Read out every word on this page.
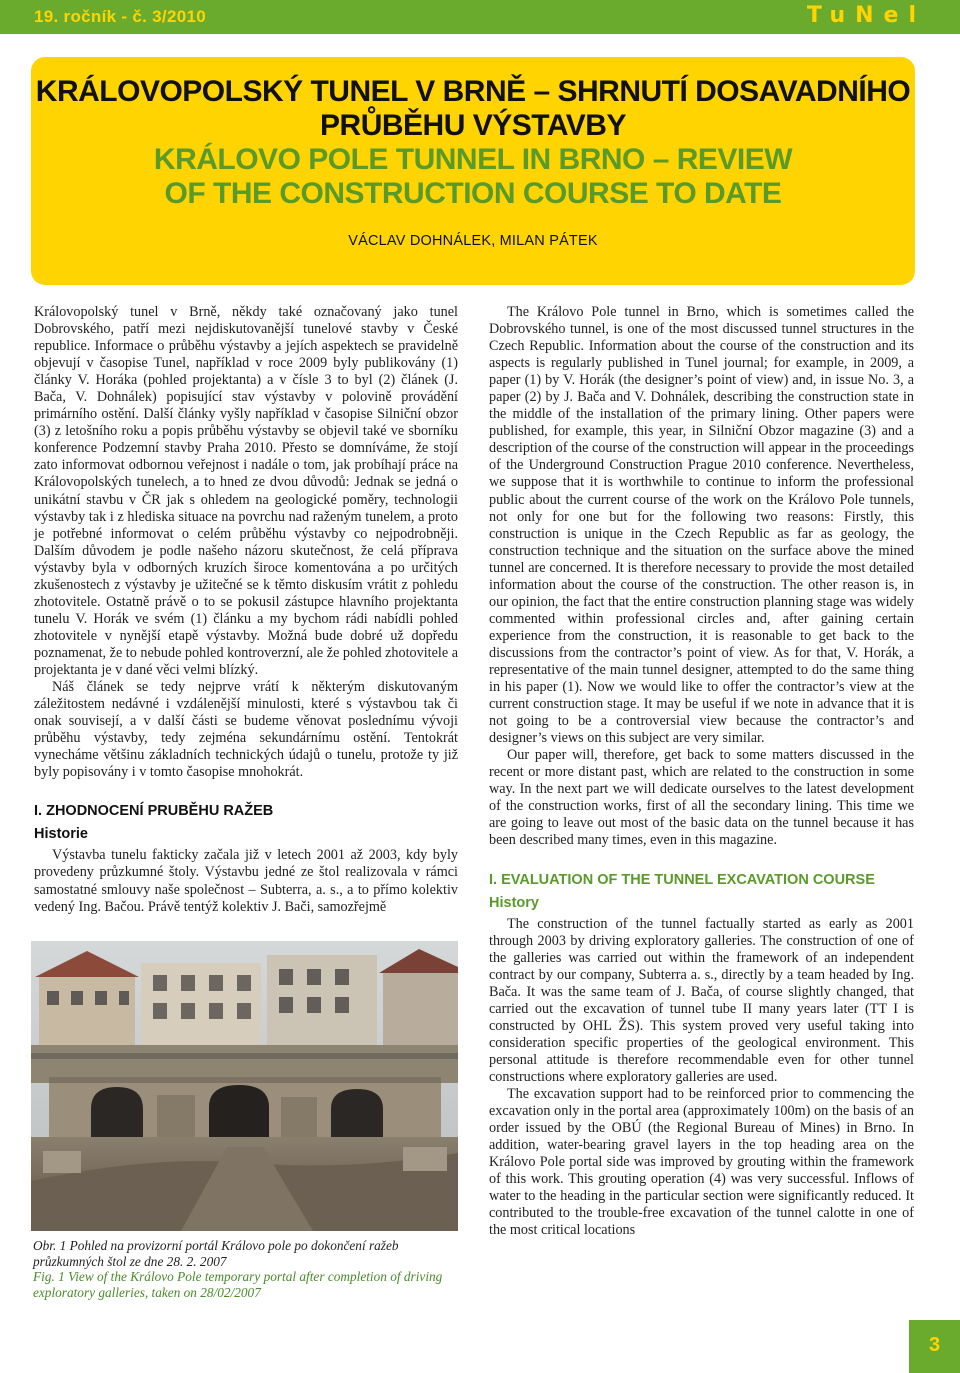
19. ročník - č. 3/2010	TuNel
KRÁLOVOPOLSKÝ TUNEL V BRNĚ – SHRNUTÍ DOSAVADNÍHO
PRŮBĚHU VÝSTAVBY
KRÁLOVO POLE TUNNEL IN BRNO – REVIEW
OF THE CONSTRUCTION COURSE TO DATE
VÁCLAV DOHNÁLEK, MILAN PÁTEK

Královopolský tunel v Brně, někdy také označovaný jako tunel Dobrovského, patří mezi nejdiskutovanější tunelové stavby v České republice. Informace o průběhu výstavby a jejích aspektech se pravidelně objevují v časopise Tunel, například v roce 2009 byly publikovány (1) články V. Horáka (pohled projektanta) a v čísle 3 to byl (2) článek (J. Bača, V. Dohnálek) popisující stav výstavby v polovině provádění primárního ostění. Další články vyšly například v časopise Silniční obzor (3) z letošního roku a popis průběhu výstavby se objevil také ve sborníku konference Podzemní stavby Praha 2010. Přesto se domníváme, že stojí zato informovat odbornou veřejnost i nadále o tom, jak probíhají práce na Královopolských tunelech, a to hned ze dvou důvodů: Jednak se jedná o unikátní stavbu v ČR jak s ohledem na geologické poměry, technologii výstavby tak i z hlediska situace na povrchu nad raženým tunelem, a proto je potřebné informovat o celém průběhu výstavby co nejpodrobněji. Dalším důvodem je podle našeho názoru skutečnost, že celá příprava výstavby byla v odborných kruzích široce komentována a po určitých zkušenostech z výstavby je užitečné se k těmto diskusím vrátit z pohledu zhotovitele. Ostatně právě o to se pokusil zástupce hlavního projektanta tunelu V. Horák ve svém (1) článku a my bychom rádi nabídli pohled zhotovitele v nynější etapě výstavby. Možná bude dobré už dopředu poznamenat, že to nebude pohled kontroverzní, ale že pohled zhotovitele a projektanta je v dané věci velmi blízký.

Náš článek se tedy nejprve vrátí k některým diskutovaným záležitostem nedávné i vzdálenější minulosti, které s výstavbou tak či onak souvisejí, a v další části se budeme věnovat poslednímu vývoji průběhu výstavby, tedy zejména sekundárnímu ostění. Tentokrát vynecháme většinu základních technických údajů o tunelu, protože ty již byly popisovány i v tomto časopise mnohokrát.

I. ZHODNOCENÍ PRUBĚHU RAŽEB
Historie

Výstavba tunelu fakticky začala již v letech 2001 až 2003, kdy byly provedeny průzkumné štoly. Výstavbu jedné ze štol realizovala v rámci samostatné smlouvy naše společnost – Subterra, a. s., a to přímo kolektiv vedený Ing. Bačou. Právě tentýž kolektiv J. Bači, samozřejmě

Obr. 1 Pohled na provizorní portál Královo pole po dokončení ražeb průzkumných štol ze dne 28. 2. 2007
Fig. 1 View of the Královo Pole temporary portal after completion of driving exploratory galleries, taken on 28/02/2007

The Královo Pole tunnel in Brno, which is sometimes called the Dobrovského tunnel, is one of the most discussed tunnel structures in the Czech Republic. Information about the course of the construction and its aspects is regularly published in Tunel journal; for example, in 2009, a paper (1) by V. Horák (the designer’s point of view) and, in issue No. 3, a paper (2) by J. Bača and V. Dohnálek, describing the construction state in the middle of the installation of the primary lining. Other papers were published, for example, this year, in Silniční Obzor magazine (3) and a description of the course of the construction will appear in the proceedings of the Underground Construction Prague 2010 conference. Nevertheless, we suppose that it is worthwhile to continue to inform the professional public about the current course of the work on the Královo Pole tunnels, not only for one but for the following two reasons: Firstly, this construction is unique in the Czech Republic as far as geology, the construction technique and the situation on the surface above the mined tunnel are concerned. It is therefore necessary to provide the most detailed information about the course of the construction. The other reason is, in our opinion, the fact that the entire construction planning stage was widely commented within professional circles and, after gaining certain experience from the construction, it is reasonable to get back to the discussions from the contractor’s point of view. As for that, V. Horák, a representative of the main tunnel designer, attempted to do the same thing in his paper (1). Now we would like to offer the contractor’s view at the current construction stage. It may be useful if we note in advance that it is not going to be a controversial view because the contractor’s and designer’s views on this subject are very similar.

Our paper will, therefore, get back to some matters discussed in the recent or more distant past, which are related to the construction in some way. In the next part we will dedicate ourselves to the latest development of the construction works, first of all the secondary lining. This time we are going to leave out most of the basic data on the tunnel because it has been described many times, even in this magazine.

I. EVALUATION OF THE TUNNEL EXCAVATION COURSE
History

The construction of the tunnel factually started as early as 2001 through 2003 by driving exploratory galleries. The construction of one of the galleries was carried out within the framework of an independent contract by our company, Subterra a. s., directly by a team headed by Ing. Bača. It was the same team of J. Bača, of course slightly changed, that carried out the excavation of tunnel tube II many years later (TT I is constructed by OHL ŽS). This system proved very useful taking into consideration specific properties of the geological environment. This personal attitude is therefore recommendable even for other tunnel constructions where exploratory galleries are used.

The excavation support had to be reinforced prior to commencing the excavation only in the portal area (approximately 100m) on the basis of an order issued by the OBÚ (the Regional Bureau of Mines) in Brno. In addition, water-bearing gravel layers in the top heading area on the Královo Pole portal side was improved by grouting within the framework of this work. This grouting operation (4) was very successful. Inflows of water to the heading in the particular section were significantly reduced. It contributed to the trouble-free excavation of the tunnel calotte in one of the most critical locations

3
